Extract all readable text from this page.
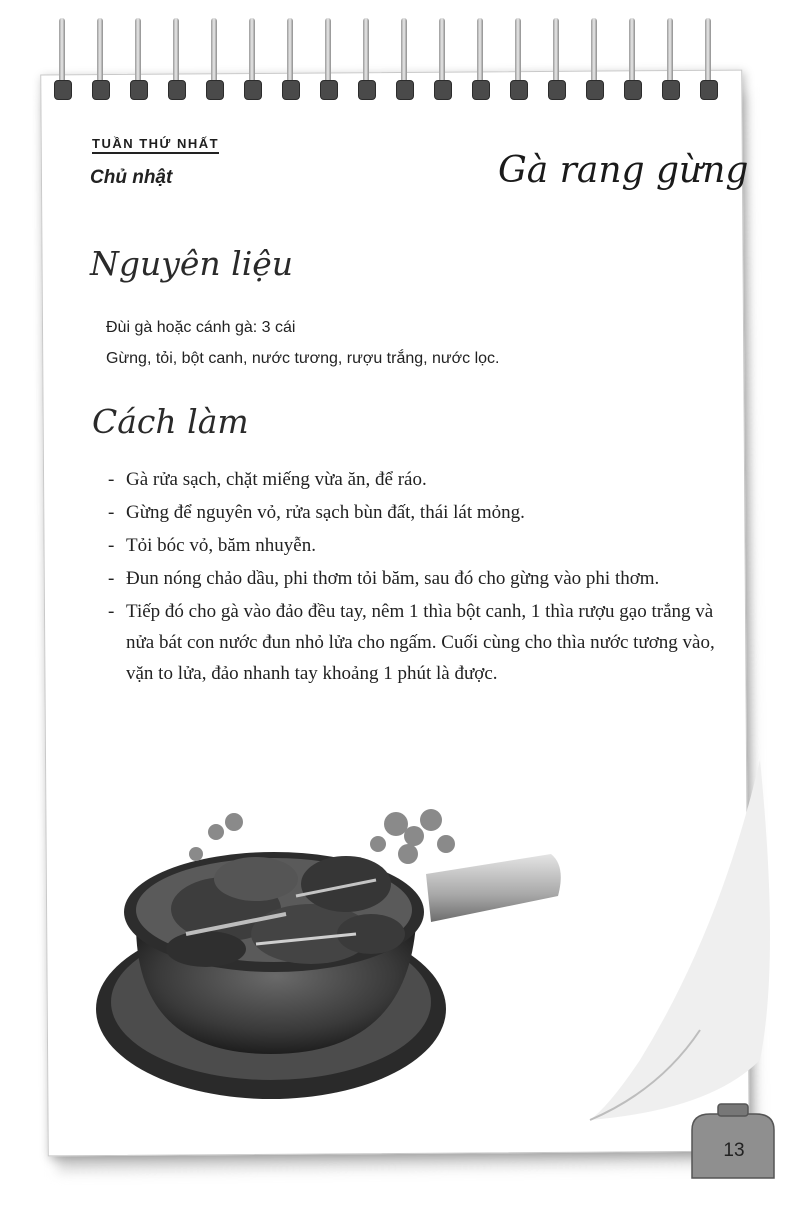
TUẦN THỨ NHẤT
Chủ nhật	Gà rang gừng
Nguyên liệu
Đùi gà hoặc cánh gà: 3 cái
Gừng, tỏi, bột canh, nước tương, rượu trắng, nước lọc.
Cách làm
- Gà rửa sạch, chặt miếng vừa ăn, để ráo.
- Gừng để nguyên vỏ, rửa sạch bùn đất, thái lát mỏng.
- Tỏi bóc vỏ, băm nhuyễn.
- Đun nóng chảo dầu, phi thơm tỏi băm, sau đó cho gừng vào phi thơm.
- Tiếp đó cho gà vào đảo đều tay, nêm 1 thìa bột canh, 1 thìa rượu gạo trắng và nửa bát con nước đun nhỏ lửa cho ngấm. Cuối cùng cho thìa nước tương vào, vặn to lửa, đảo nhanh tay khoảng 1 phút là được.
13
